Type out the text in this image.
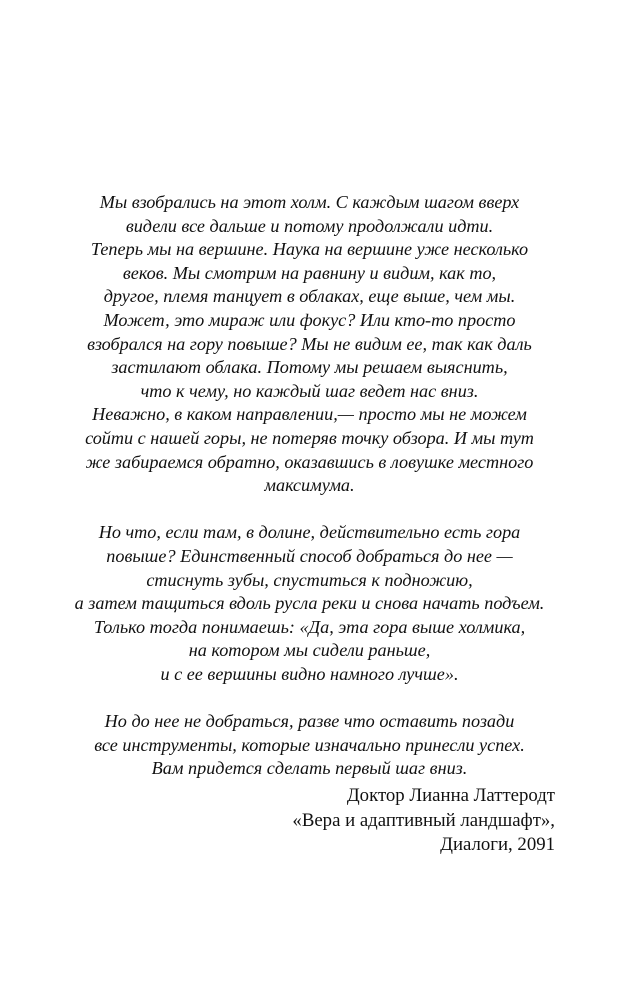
Мы взобрались на этот холм. С каждым шагом вверх
видели все дальше и потому продолжали идти.
Теперь мы на вершине. Наука на вершине уже несколько
веков. Мы смотрим на равнину и видим, как то,
другое, племя танцует в облаках, еще выше, чем мы.
Может, это мираж или фокус? Или кто-то просто
взобрался на гору повыше? Мы не видим ее, так как даль
застилают облака. Потому мы решаем выяснить,
что к чему, но каждый шаг ведет нас вниз.
Неважно, в каком направлении,— просто мы не можем
сойти с нашей горы, не потеряв точку обзора. И мы тут
же забираемся обратно, оказавшись в ловушке местного
максимума.

Но что, если там, в долине, действительно есть гора
повыше? Единственный способ добраться до нее —
стиснуть зубы, спуститься к подножию,
а затем тащиться вдоль русла реки и снова начать подъем.
Только тогда понимаешь: «Да, эта гора выше холмика,
на котором мы сидели раньше,
и с ее вершины видно намного лучше».

Но до нее не добраться, разве что оставить позади
все инструменты, которые изначально принесли успех.
Вам придется сделать первый шаг вниз.

Доктор Лианна Латтеродт
«Вера и адаптивный ландшафт»,
Диалоги, 2091
